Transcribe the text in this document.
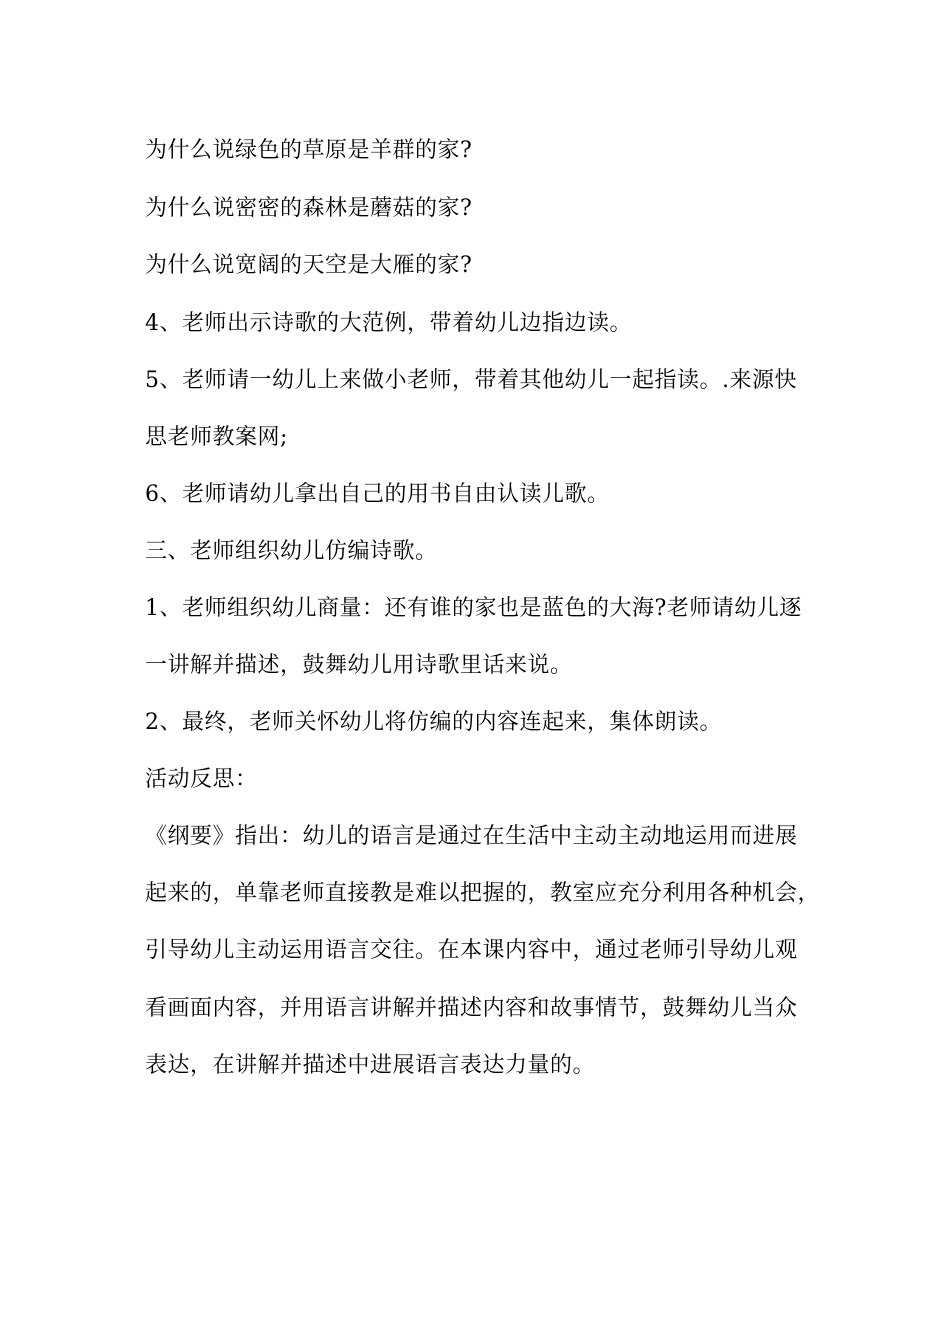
为什么说绿色的草原是羊群的家?
为什么说密密的森林是蘑菇的家?
为什么说宽阔的天空是大雁的家?
4、老师出示诗歌的大范例，带着幼儿边指边读。
5、老师请一幼儿上来做小老师，带着其他幼儿一起指读。.来源快
思老师教案网;
6、老师请幼儿拿出自己的用书自由认读儿歌。
三、老师组织幼儿仿编诗歌。
1、老师组织幼儿商量：还有谁的家也是蓝色的大海?老师请幼儿逐
一讲解并描述，鼓舞幼儿用诗歌里话来说。
2、最终，老师关怀幼儿将仿编的内容连起来，集体朗读。
活动反思：
《纲要》指出：幼儿的语言是通过在生活中主动主动地运用而进展
起来的，单靠老师直接教是难以把握的，教室应充分利用各种机会，
引导幼儿主动运用语言交往。在本课内容中，通过老师引导幼儿观
看画面内容，并用语言讲解并描述内容和故事情节，鼓舞幼儿当众
表达，在讲解并描述中进展语言表达力量的。
